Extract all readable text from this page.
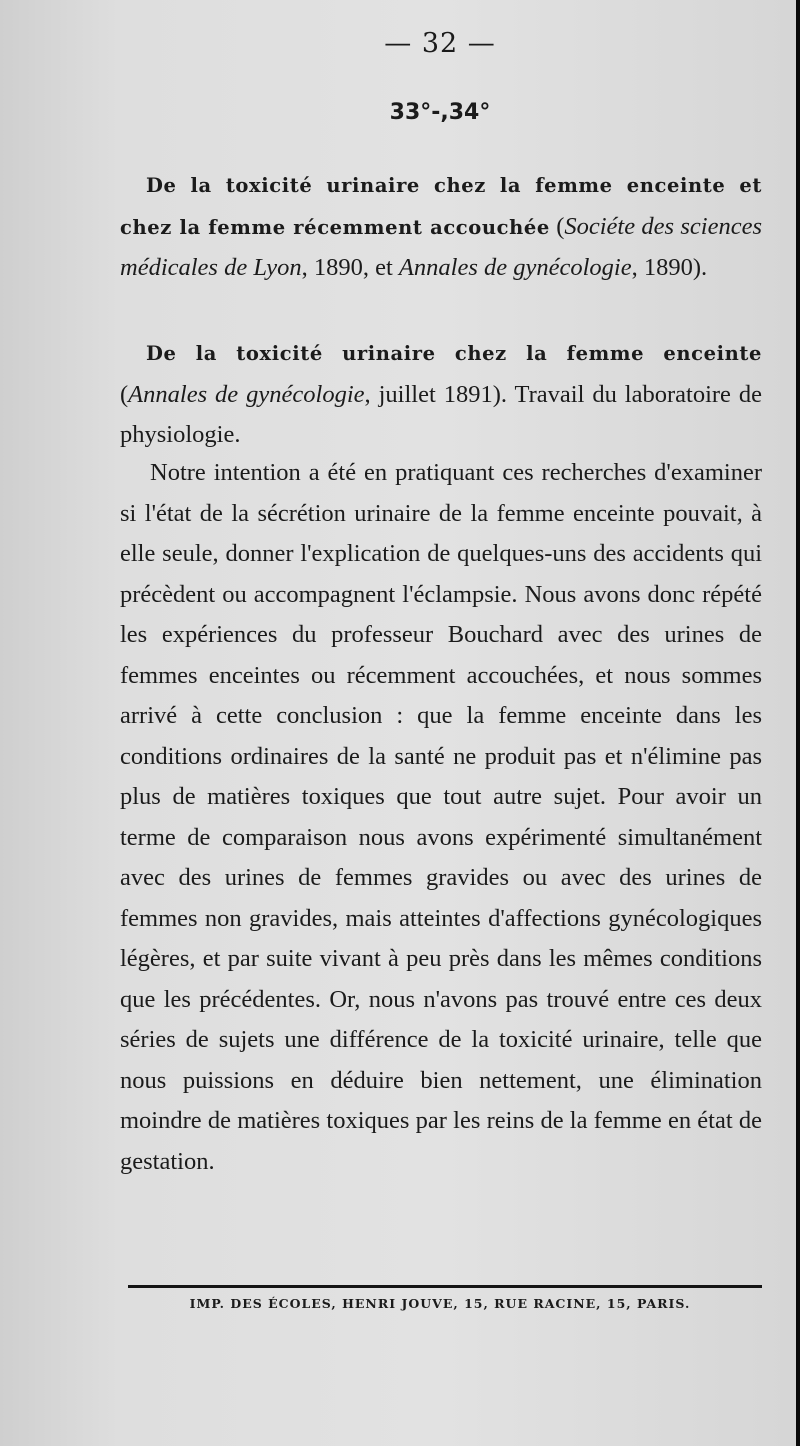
— 32 —
33°-,34°

De la toxicité urinaire chez la femme enceinte et chez la femme récemment accouchée (Sociéte des sciences médicales de Lyon, 1890, et Annales de gynécologie, 1890).

De la toxicité urinaire chez la femme enceinte (Annales de gynécologie, juillet 1891). Travail du laboratoire de physiologie.

Notre intention a été en pratiquant ces recherches d'examiner si l'état de la sécrétion urinaire de la femme enceinte pouvait, à elle seule, donner l'explication de quelques-uns des accidents qui précèdent ou accompagnent l'éclampsie. Nous avons donc répété les expériences du professeur Bouchard avec des urines de femmes enceintes ou récemment accouchées, et nous sommes arrivé à cette conclusion : que la femme enceinte dans les conditions ordinaires de la santé ne produit pas et n'élimine pas plus de matières toxiques que tout autre sujet. Pour avoir un terme de comparaison nous avons expérimenté simultanément avec des urines de femmes gravides ou avec des urines de femmes non gravides, mais atteintes d'affections gynécologiques légères, et par suite vivant à peu près dans les mêmes conditions que les précédentes. Or, nous n'avons pas trouvé entre ces deux séries de sujets une différence de la toxicité urinaire, telle que nous puissions en déduire bien nettement, une élimination moindre de matières toxiques par les reins de la femme en état de gestation.

IMP. DES ÉCOLES, HENRI JOUVE, 15, RUE RACINE, 15, PARIS.
